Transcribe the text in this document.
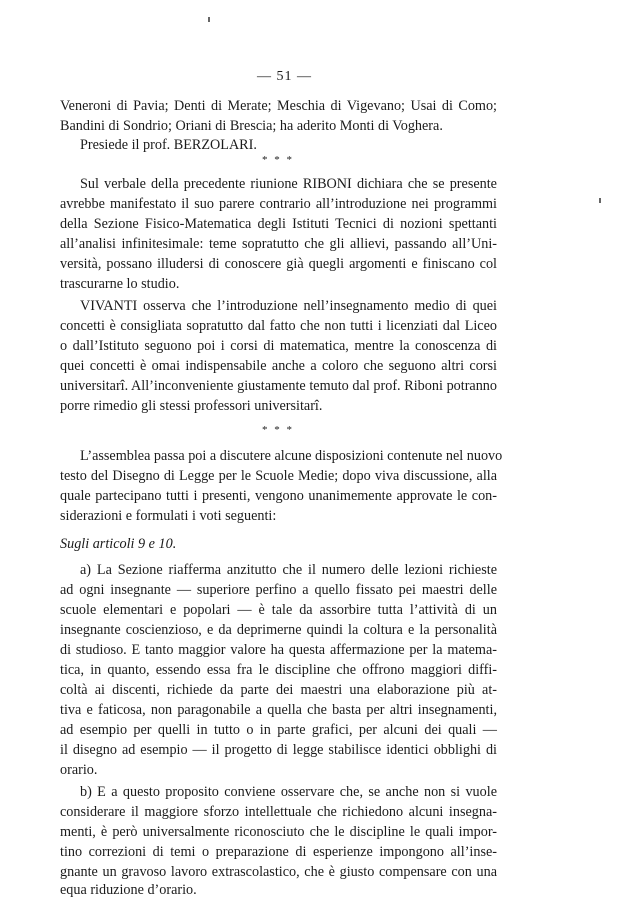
— 51 —
Veneroni di Pavia; Denti di Merate; Meschia di Vigevano; Usai di Como;
Bandini di Sondrio; Oriani di Brescia; ha aderito Monti di Voghera.
Presiede il prof. BERZOLARI.
* * *
Sul verbale della precedente riunione RIBONI dichiara che se presente
avrebbe manifestato il suo parere contrario all’introduzione nei programmi
della Sezione Fisico-Matematica degli Istituti Tecnici di nozioni spettanti
all’analisi infinitesimale: teme sopratutto che gli allievi, passando all’Uni-
versità, possano illudersi di conoscere già quegli argomenti e finiscano col
trascurarne lo studio.
VIVANTI osserva che l’introduzione nell’insegnamento medio di quei
concetti è consigliata sopratutto dal fatto che non tutti i licenziati dal Liceo
o dall’Istituto seguono poi i corsi di matematica, mentre la conoscenza di
quei concetti è omai indispensabile anche a coloro che seguono altri corsi
universitarî. All’inconveniente giustamente temuto dal prof. Riboni potranno
porre rimedio gli stessi professori universitarî.
* * *
L’assemblea passa poi a discutere alcune disposizioni contenute nel nuovo
testo del Disegno di Legge per le Scuole Medie; dopo viva discussione, alla
quale partecipano tutti i presenti, vengono unanimemente approvate le con-
siderazioni e formulati i voti seguenti:
Sugli articoli 9 e 10.
a) La Sezione riafferma anzitutto che il numero delle lezioni richieste
ad ogni insegnante — superiore perfino a quello fissato pei maestri delle
scuole elementari e popolari — è tale da assorbire tutta l’attività di un
insegnante coscienzioso, e da deprimerne quindi la coltura e la personalità
di studioso. E tanto maggior valore ha questa affermazione per la matema-
tica, in quanto, essendo essa fra le discipline che offrono maggiori diffi-
coltà ai discenti, richiede da parte dei maestri una elaborazione più at-
tiva e faticosa, non paragonabile a quella che basta per altri insegnamenti,
ad esempio per quelli in tutto o in parte grafici, per alcuni dei quali —
il disegno ad esempio — il progetto di legge stabilisce identici obblighi di
orario.
b) E a questo proposito conviene osservare che, se anche non si vuole
considerare il maggiore sforzo intellettuale che richiedono alcuni insegna-
menti, è però universalmente riconosciuto che le discipline le quali impor-
tino correzioni di temi o preparazione di esperienze impongono all’inse-
gnante un gravoso lavoro extrascolastico, che è giusto compensare con una
equa riduzione d’orario.
